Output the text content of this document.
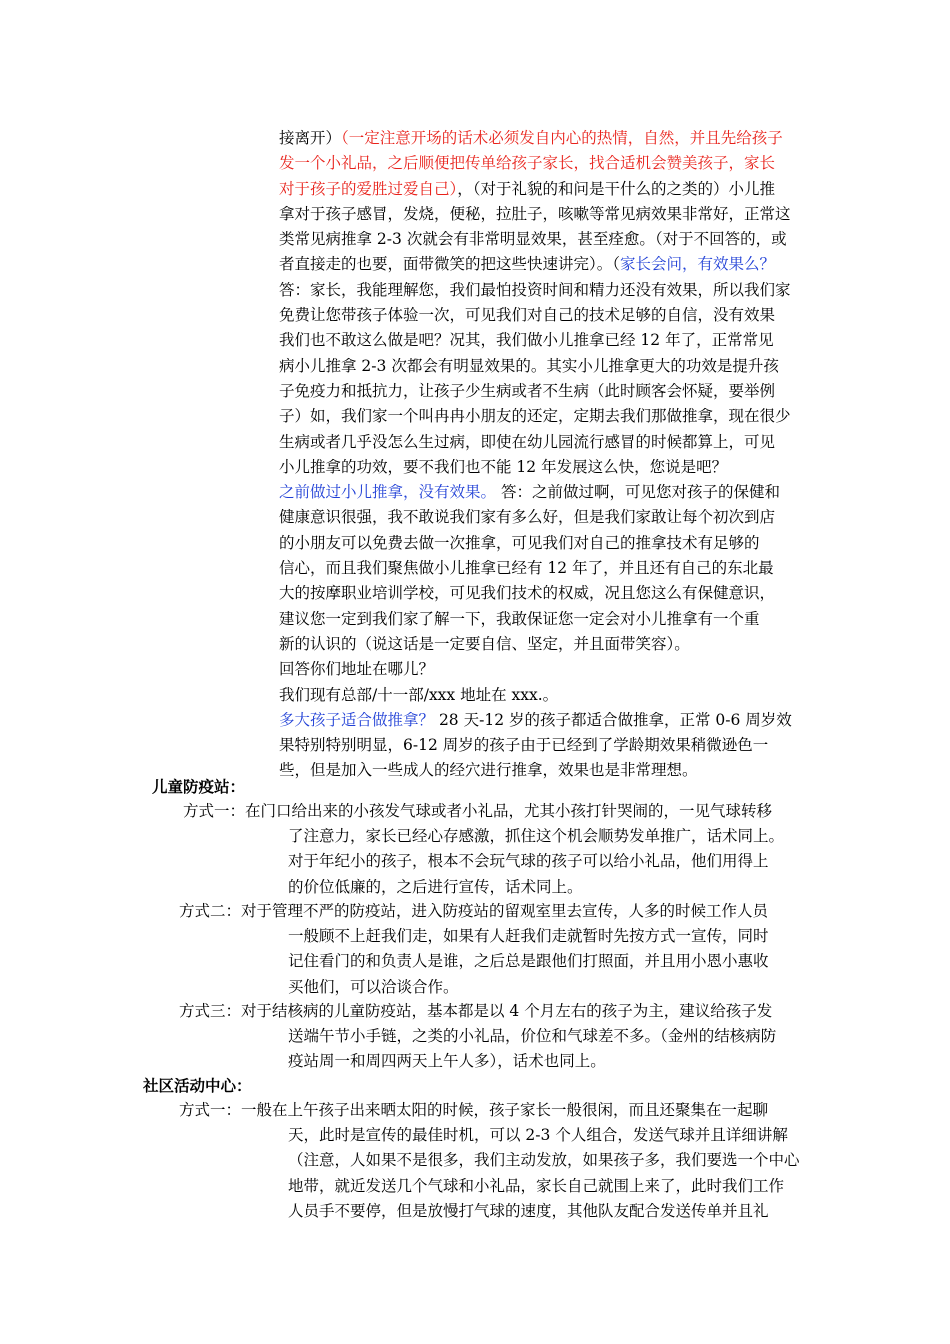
接离开）（一定注意开场的话术必须发自内心的热情，自然，并且先给孩子
发一个小礼品，之后顺便把传单给孩子家长，找合适机会赞美孩子，家长
对于孩子的爱胜过爱自己），（对于礼貌的和问是干什么的之类的）小儿推
拿对于孩子感冒，发烧，便秘，拉肚子，咳嗽等常见病效果非常好，正常这
类常见病推拿 2-3 次就会有非常明显效果，甚至痊愈。（对于不回答的，或
者直接走的也要，面带微笑的把这些快速讲完）。（家长会问，有效果么？
答：家长，我能理解您，我们最怕投资时间和精力还没有效果，所以我们家
免费让您带孩子体验一次，可见我们对自己的技术足够的自信，没有效果
我们也不敢这么做是吧？况其，我们做小儿推拿已经 12 年了，正常常见
病小儿推拿 2-3 次都会有明显效果的。其实小儿推拿更大的功效是提升孩
子免疫力和抵抗力，让孩子少生病或者不生病（此时顾客会怀疑，要举例
子）如，我们家一个叫冉冉小朋友的还定，定期去我们那做推拿，现在很少
生病或者几乎没怎么生过病，即使在幼儿园流行感冒的时候都算上，可见
小儿推拿的功效，要不我们也不能 12 年发展这么快，您说是吧？
之前做过小儿推拿，没有效果。 答：之前做过啊，可见您对孩子的保健和
健康意识很强，我不敢说我们家有多么好，但是我们家敢让每个初次到店
的小朋友可以免费去做一次推拿，可见我们对自己的推拿技术有足够的
信心，而且我们聚焦做小儿推拿已经有 12 年了，并且还有自己的东北最
大的按摩职业培训学校，可见我们技术的权威，况且您这么有保健意识，
建议您一定到我们家了解一下，我敢保证您一定会对小儿推拿有一个重
新的认识的（说这话是一定要自信、坚定，并且面带笑容）。
回答你们地址在哪儿？
我们现有总部/十一部/xxx 地址在 xxx.。
多大孩子适合做推拿？ 28 天-12 岁的孩子都适合做推拿，正常 0-6 周岁效
果特别特别明显，6-12 周岁的孩子由于已经到了学龄期效果稍微逊色一
些，但是加入一些成人的经穴进行推拿，效果也是非常理想。
儿童防疫站：
方式一：在门口给出来的小孩发气球或者小礼品，尤其小孩打针哭闹的，一见气球转移
了注意力，家长已经心存感激，抓住这个机会顺势发单推广，话术同上。
对于年纪小的孩子，根本不会玩气球的孩子可以给小礼品，他们用得上
的价位低廉的，之后进行宣传，话术同上。
方式二：对于管理不严的防疫站，进入防疫站的留观室里去宣传，人多的时候工作人员
一般顾不上赶我们走，如果有人赶我们走就暂时先按方式一宣传，同时
记住看门的和负责人是谁，之后总是跟他们打照面，并且用小恩小惠收
买他们，可以洽谈合作。
方式三：对于结核病的儿童防疫站，基本都是以 4 个月左右的孩子为主，建议给孩子发
送端午节小手链，之类的小礼品，价位和气球差不多。（金州的结核病防
疫站周一和周四两天上午人多），话术也同上。
社区活动中心：
方式一：一般在上午孩子出来晒太阳的时候，孩子家长一般很闲，而且还聚集在一起聊
天，此时是宣传的最佳时机，可以 2-3 个人组合，发送气球并且详细讲解
（注意，人如果不是很多，我们主动发放，如果孩子多，我们要选一个中心
地带，就近发送几个气球和小礼品，家长自己就围上来了，此时我们工作
人员手不要停，但是放慢打气球的速度，其他队友配合发送传单并且礼
